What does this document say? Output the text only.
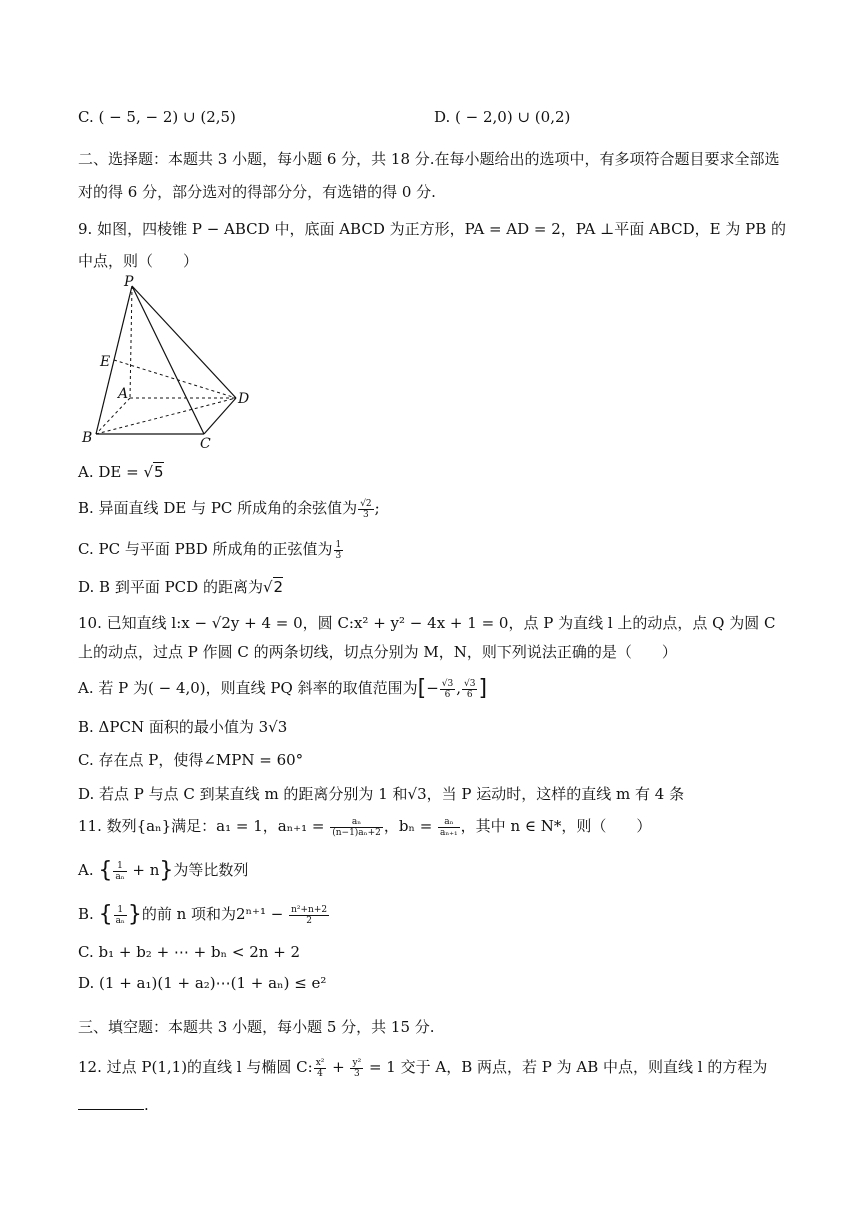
C. ( − 5, − 2) ∪ (2,5)	D. ( − 2,0) ∪ (0,2)
二、选择题：本题共 3 小题，每小题 6 分，共 18 分.在每小题给出的选项中，有多项符合题目要求全部选
对的得 6 分，部分选对的得部分分，有选错的得 0 分.
9. 如图，四棱锥 P − ABCD 中，底面 ABCD 为正方形，PA = AD = 2，PA ⊥平面 ABCD，E 为 PB 的
中点，则（　　）
P
E
A
B	C
D
A. DE = √5
B. 异面直线 DE 与 PC 所成角的余弦值为 $\frac{√2}{3}$ ;
C. PC 与平面 PBD 所成角的正弦值为 $\frac{1}{3}$
D. B 到平面 PCD 的距离为√2
10. 已知直线 l:x − √2y + 4 = 0，圆 C:x² + y² − 4x + 1 = 0，点 P 为直线 l 上的动点，点 Q 为圆 C
上的动点，过点 P 作圆 C 的两条切线，切点分别为 M，N，则下列说法正确的是（　　）
A. 若 P 为( − 4,0)，则直线 PQ 斜率的取值范围为[− $\frac{√3}{6}$ , $\frac{√3}{6}$ ]
B. ΔPCN 面积的最小值为 3√3
C. 存在点 P，使得∠MPN = 60°
D. 若点 P 与点 C 到某直线 m 的距离分别为 1 和√3，当 P 运动时，这样的直线 m 有 4 条
11. 数列{aₙ}满足：a₁ = 1，$a_{n+1} = \frac{\text{aₙ}}{\text{(n−1)aₙ+2}}$ ，$b_n = \frac{\text{aₙ}}{\text{aₙ₊₁}}$ ，其中 n ∈ N*，则（　　）
A. { $\frac{1}{\text{aₙ}} + n$}为等比数列
B. { $\frac{1}{\text{aₙ}}$ }的前 n 项和为$2^{n+1} - \frac{\text{n²+n+2}}{2}$
C. b₁ + b₂ + ⋯ + bₙ < 2n + 2
D. (1 + a₁)(1 + a₂)⋯(1 + aₙ) ≤ e²
三、填空题：本题共 3 小题，每小题 5 分，共 15 分.
12. 过点 P(1,1)的直线 l 与椭圆 C: $\frac{\text{x²}}{4} + \frac{\text{y²}}{3} = 1$ 交于 A，B 两点，若 P 为 AB 中点，则直线 l 的方程为
.
